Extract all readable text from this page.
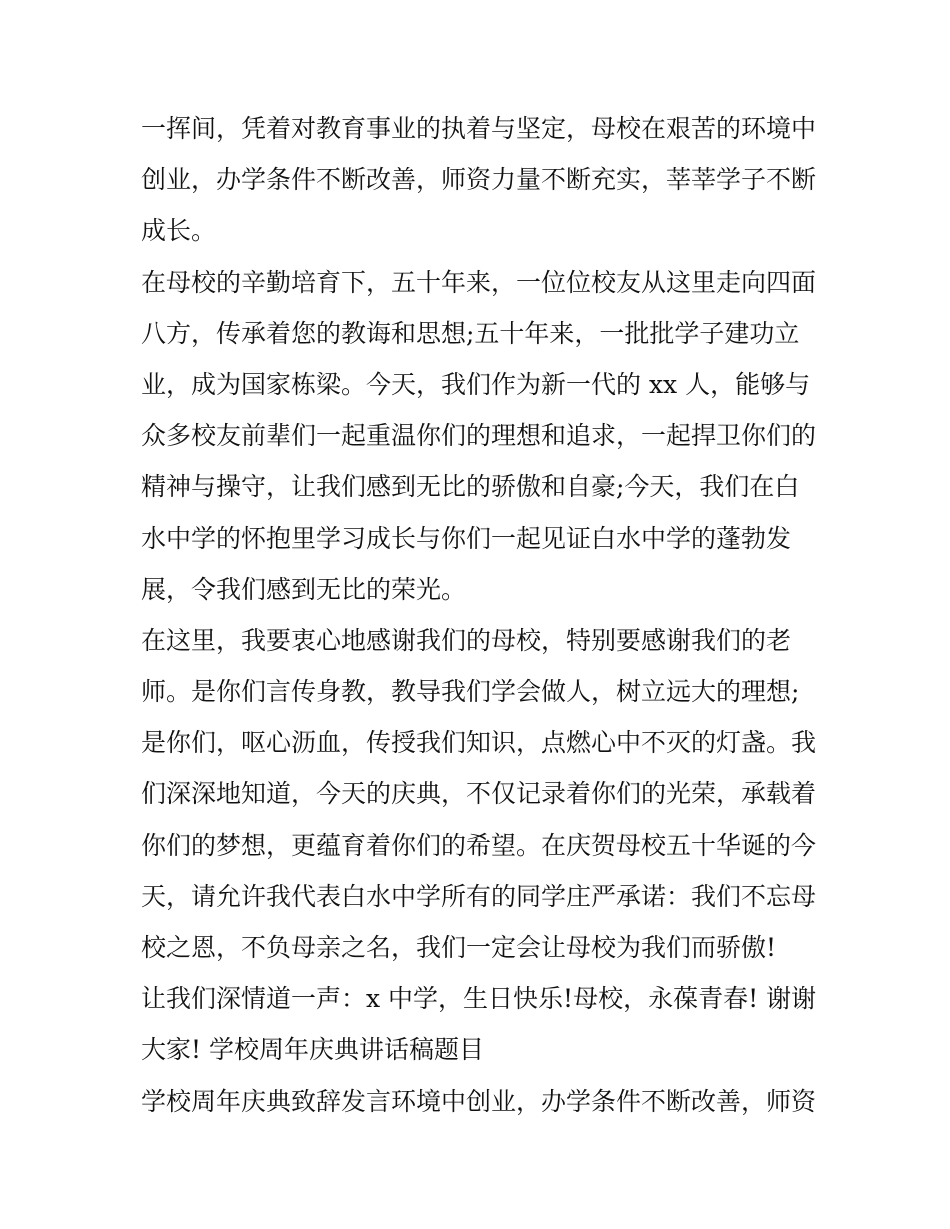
一挥间，凭着对教育事业的执着与坚定，母校在艰苦的环境中
创业，办学条件不断改善，师资力量不断充实，莘莘学子不断
成长。
在母校的辛勤培育下，五十年来，一位位校友从这里走向四面
八方，传承着您的教诲和思想;五十年来，一批批学子建功立
业，成为国家栋梁。今天，我们作为新一代的 xx 人，能够与
众多校友前辈们一起重温你们的理想和追求，一起捍卫你们的
精神与操守，让我们感到无比的骄傲和自豪;今天，我们在白
水中学的怀抱里学习成长与你们一起见证白水中学的蓬勃发
展，令我们感到无比的荣光。
在这里，我要衷心地感谢我们的母校，特别要感谢我们的老
师。是你们言传身教，教导我们学会做人，树立远大的理想;
是你们，呕心沥血，传授我们知识，点燃心中不灭的灯盏。我
们深深地知道，今天的庆典，不仅记录着你们的光荣，承载着
你们的梦想，更蕴育着你们的希望。在庆贺母校五十华诞的今
天，请允许我代表白水中学所有的同学庄严承诺：我们不忘母
校之恩，不负母亲之名，我们一定会让母校为我们而骄傲!
让我们深情道一声：x 中学，生日快乐!母校，永葆青春! 谢谢
大家! 学校周年庆典讲话稿题目
学校周年庆典致辞发言环境中创业，办学条件不断改善，师资
